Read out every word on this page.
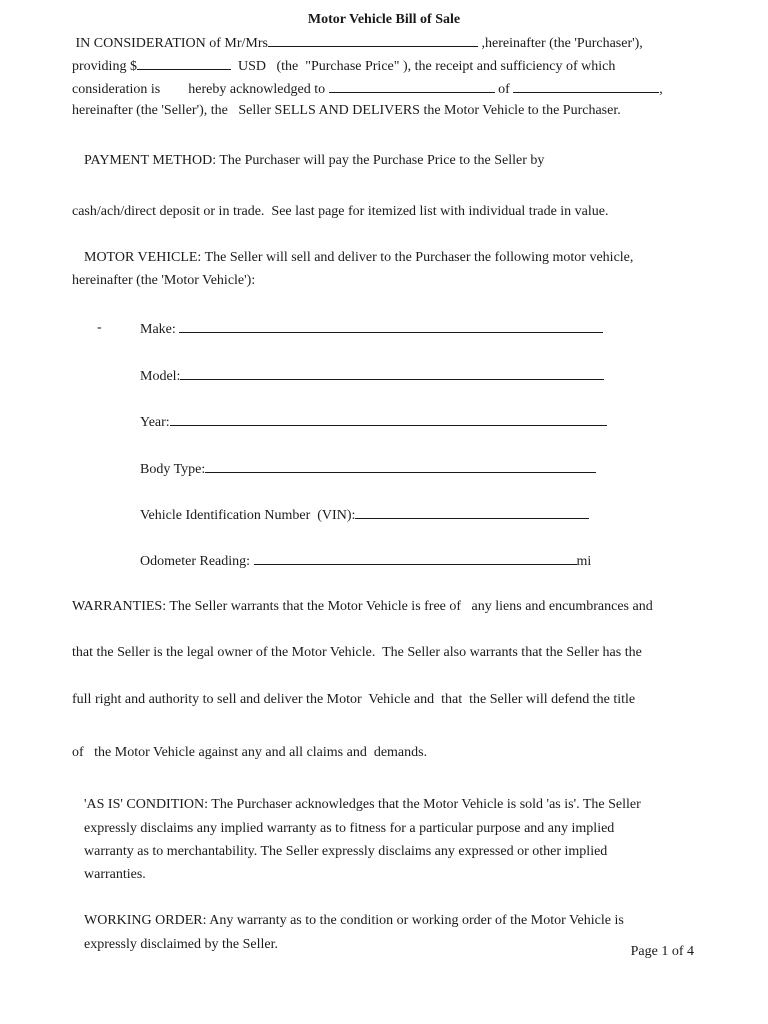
Motor Vehicle Bill of Sale
IN CONSIDERATION of Mr/Mrs	,hereinafter (the 'Purchaser'),
providing $	USD   (the  "Purchase Price" ), the receipt and sufficiency of which
consideration is        hereby acknowledged to	of	,
hereinafter (the 'Seller'), the   Seller SELLS AND DELIVERS the Motor Vehicle to the Purchaser.
PAYMENT METHOD: The Purchaser will pay the Purchase Price to the Seller by
cash/ach/direct deposit or in trade.  See last page for itemized list with individual trade in value.
MOTOR VEHICLE: The Seller will sell and deliver to the Purchaser the following motor vehicle,
hereinafter (the 'Motor Vehicle'):
-	Make:
Model:
Year:
Body Type:
Vehicle Identification Number  (VIN):
Odometer Reading:	mi
WARRANTIES: The Seller warrants that the Motor Vehicle is free of   any liens and encumbrances and
that the Seller is the legal owner of the Motor Vehicle.  The Seller also warrants that the Seller has the
full right and authority to sell and deliver the Motor  Vehicle and  that  the Seller will defend the title
of   the Motor Vehicle against any and all claims and  demands.
'AS IS' CONDITION: The Purchaser acknowledges that the Motor Vehicle is sold 'as is'. The Seller
expressly disclaims any implied warranty as to fitness for a particular purpose and any implied
warranty as to merchantability. The Seller expressly disclaims any expressed or other implied
warranties.
WORKING ORDER: Any warranty as to the condition or working order of the Motor Vehicle is
expressly disclaimed by the Seller.	Page 1 of 4
